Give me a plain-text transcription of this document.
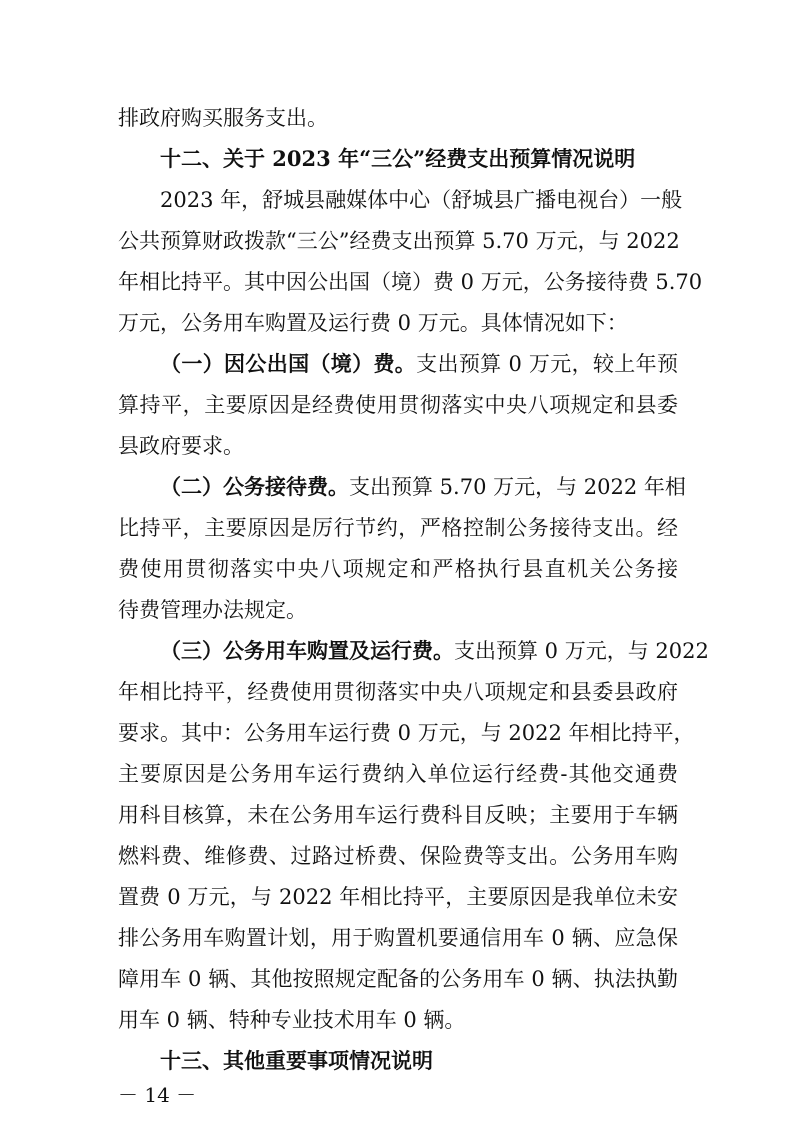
排政府购买服务支出。
十二、关于 2023 年“三公”经费支出预算情况说明
2023 年，舒城县融媒体中心（舒城县广播电视台）一般
公共预算财政拨款“三公”经费支出预算 5.70 万元，与 2022
年相比持平。其中因公出国（境）费 0 万元，公务接待费 5.70
万元，公务用车购置及运行费 0 万元。具体情况如下：
（一）因公出国（境）费。支出预算 0 万元，较上年预
算持平，主要原因是经费使用贯彻落实中央八项规定和县委
县政府要求。
（二）公务接待费。支出预算 5.70 万元，与 2022 年相
比持平，主要原因是厉行节约，严格控制公务接待支出。经
费使用贯彻落实中央八项规定和严格执行县直机关公务接
待费管理办法规定。
（三）公务用车购置及运行费。支出预算 0 万元，与 2022
年相比持平，经费使用贯彻落实中央八项规定和县委县政府
要求。其中：公务用车运行费 0 万元，与 2022 年相比持平，
主要原因是公务用车运行费纳入单位运行经费-其他交通费
用科目核算，未在公务用车运行费科目反映；主要用于车辆
燃料费、维修费、过路过桥费、保险费等支出。公务用车购
置费 0 万元，与 2022 年相比持平，主要原因是我单位未安
排公务用车购置计划，用于购置机要通信用车 0 辆、应急保
障用车 0 辆、其他按照规定配备的公务用车 0 辆、执法执勤
用车 0 辆、特种专业技术用车 0 辆。
十三、其他重要事项情况说明
－ 14 －
